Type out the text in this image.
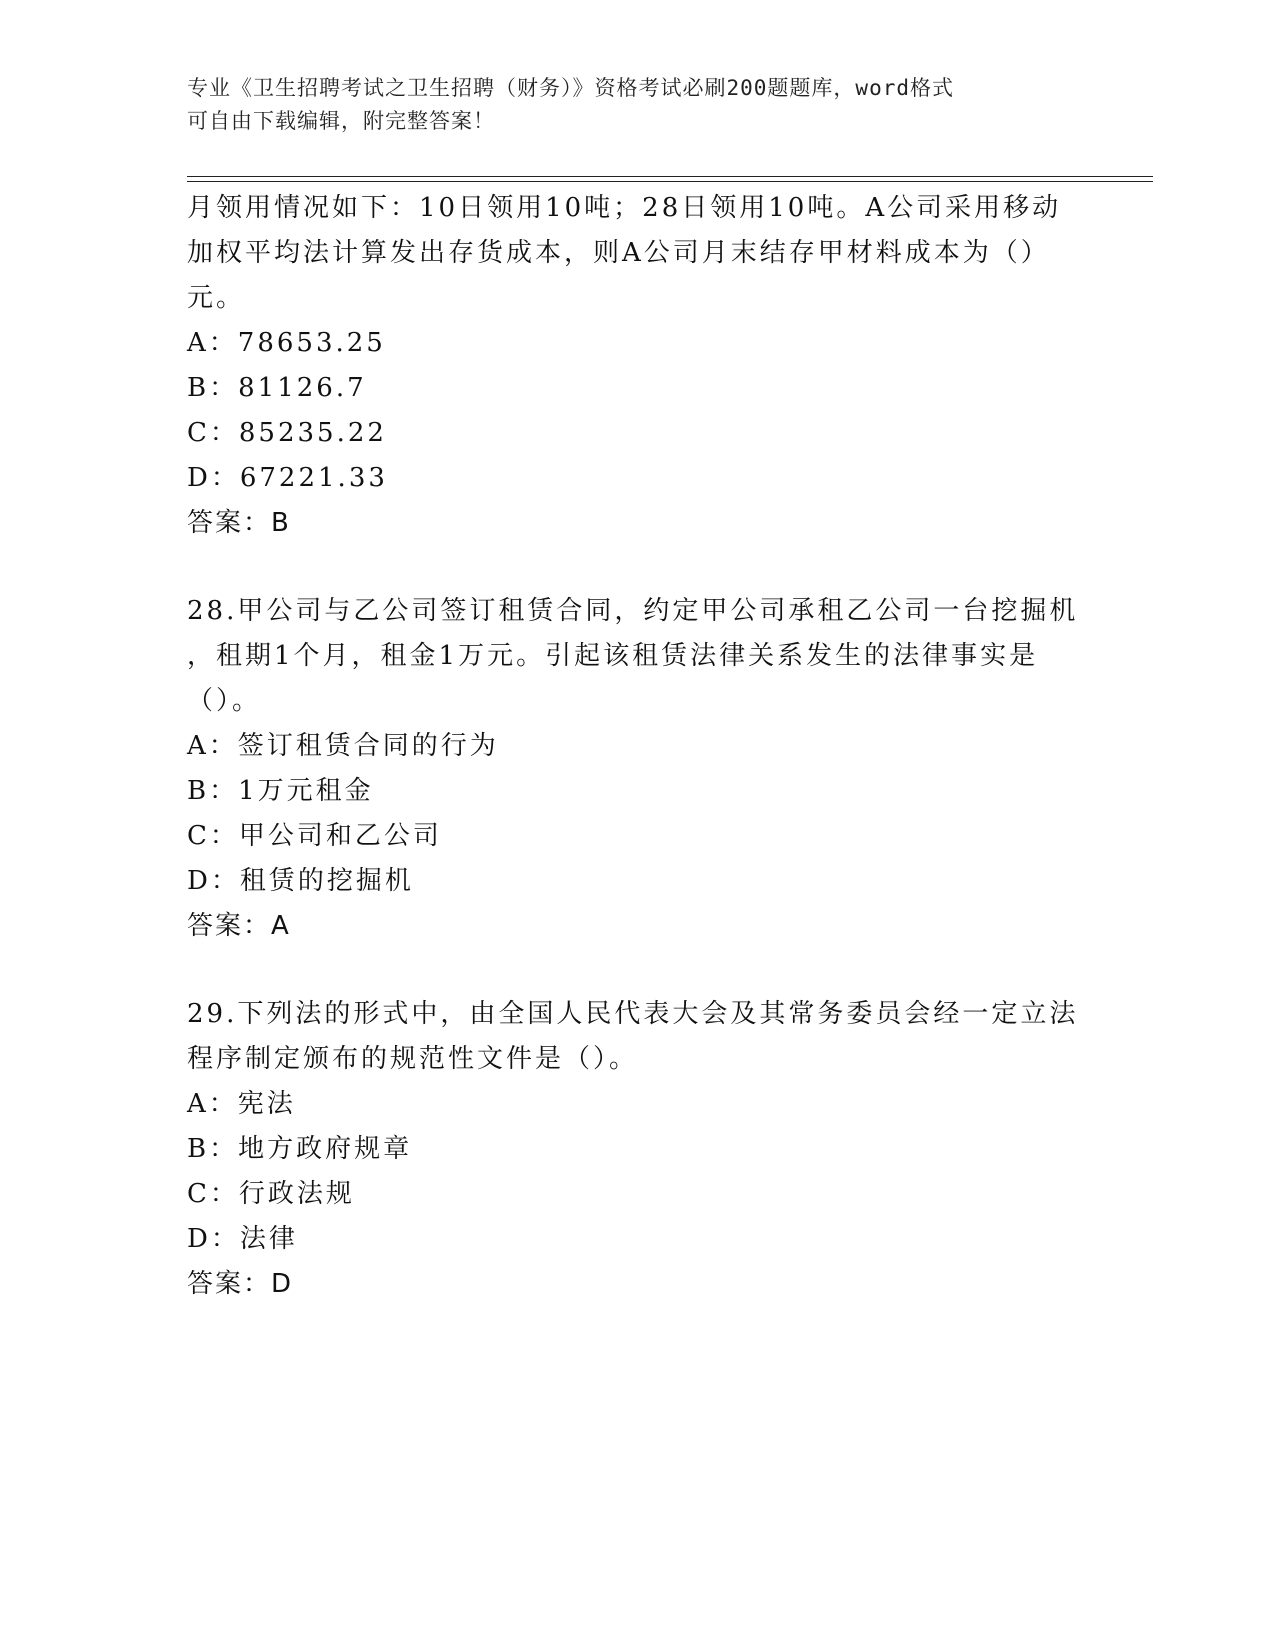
专业《卫生招聘考试之卫生招聘（财务）》资格考试必刷200题题库，word格式

可自由下载编辑，附完整答案！

月领用情况如下：10日领用10吨；28日领用10吨。A公司采用移动

加权平均法计算发出存货成本，则A公司月末结存甲材料成本为（）

元。

A：78653.25

B：81126.7

C：85235.22

D：67221.33

答案：B

28.甲公司与乙公司签订租赁合同，约定甲公司承租乙公司一台挖掘机

，租期1个月，租金1万元。引起该租赁法律关系发生的法律事实是

（）。

A：签订租赁合同的行为

B：1万元租金

C：甲公司和乙公司

D：租赁的挖掘机

答案：A

29.下列法的形式中，由全国人民代表大会及其常务委员会经一定立法

程序制定颁布的规范性文件是（）。

A：宪法

B：地方政府规章

C：行政法规

D：法律

答案：D
